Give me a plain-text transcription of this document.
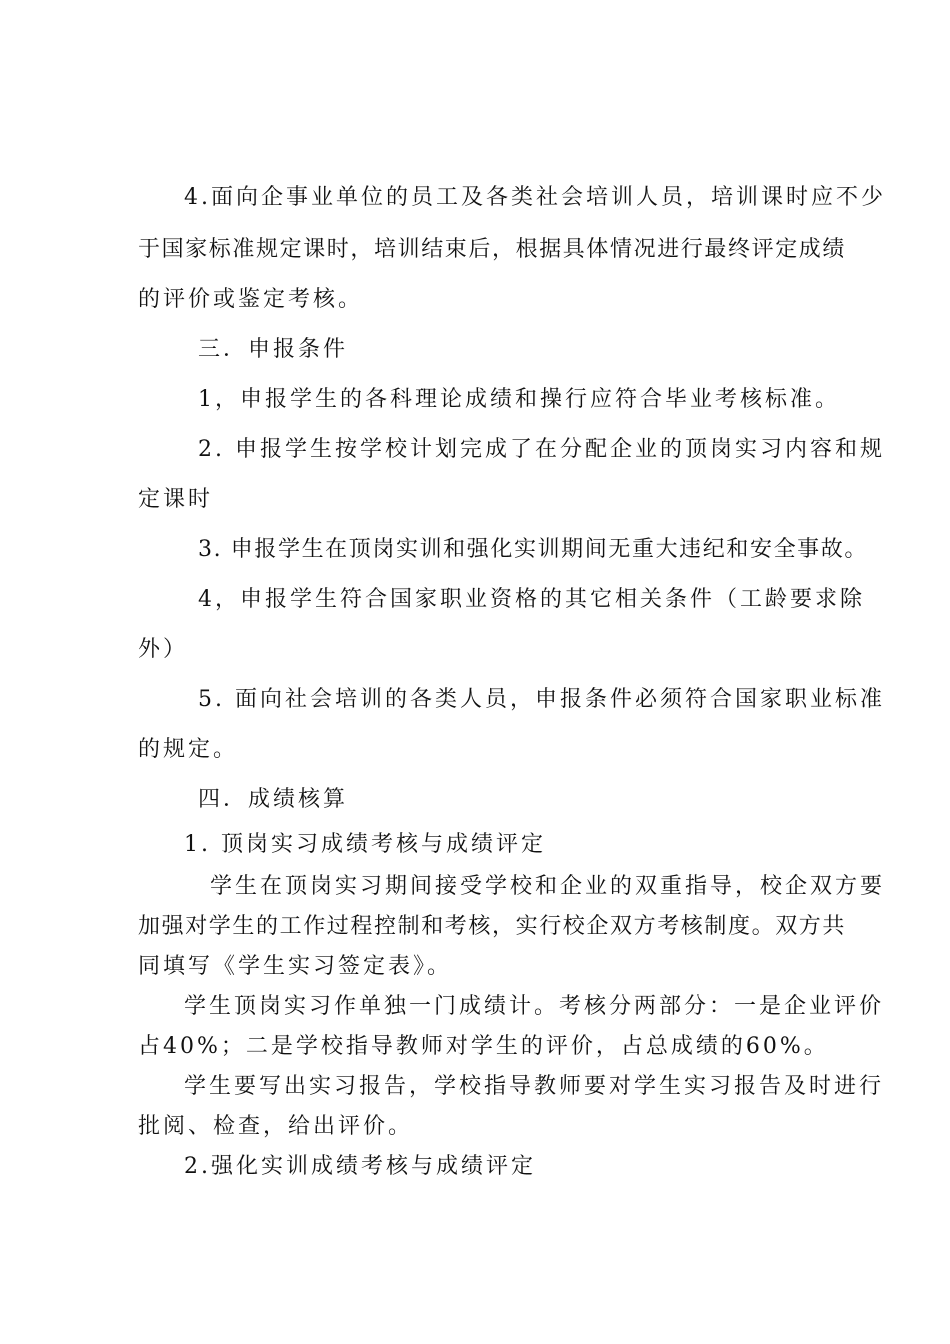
4.面向企事业单位的员工及各类社会培训人员，培训课时应不少
于国家标准规定课时，培训结束后，根据具体情况进行最终评定成绩
的评价或鉴定考核。
三．申报条件
1，申报学生的各科理论成绩和操行应符合毕业考核标准。
2. 申报学生按学校计划完成了在分配企业的顶岗实习内容和规
定课时
3. 申报学生在顶岗实训和强化实训期间无重大违纪和安全事故。
4，申报学生符合国家职业资格的其它相关条件（工龄要求除
外）
5. 面向社会培训的各类人员，申报条件必须符合国家职业标准
的规定。
四．成绩核算
1. 顶岗实习成绩考核与成绩评定
学生在顶岗实习期间接受学校和企业的双重指导，校企双方要
加强对学生的工作过程控制和考核，实行校企双方考核制度。双方共
同填写《学生实习签定表》。
学生顶岗实习作单独一门成绩计。考核分两部分：一是企业评价
占40%；二是学校指导教师对学生的评价，占总成绩的60%。
学生要写出实习报告，学校指导教师要对学生实习报告及时进行
批阅、检查，给出评价。
2.强化实训成绩考核与成绩评定
